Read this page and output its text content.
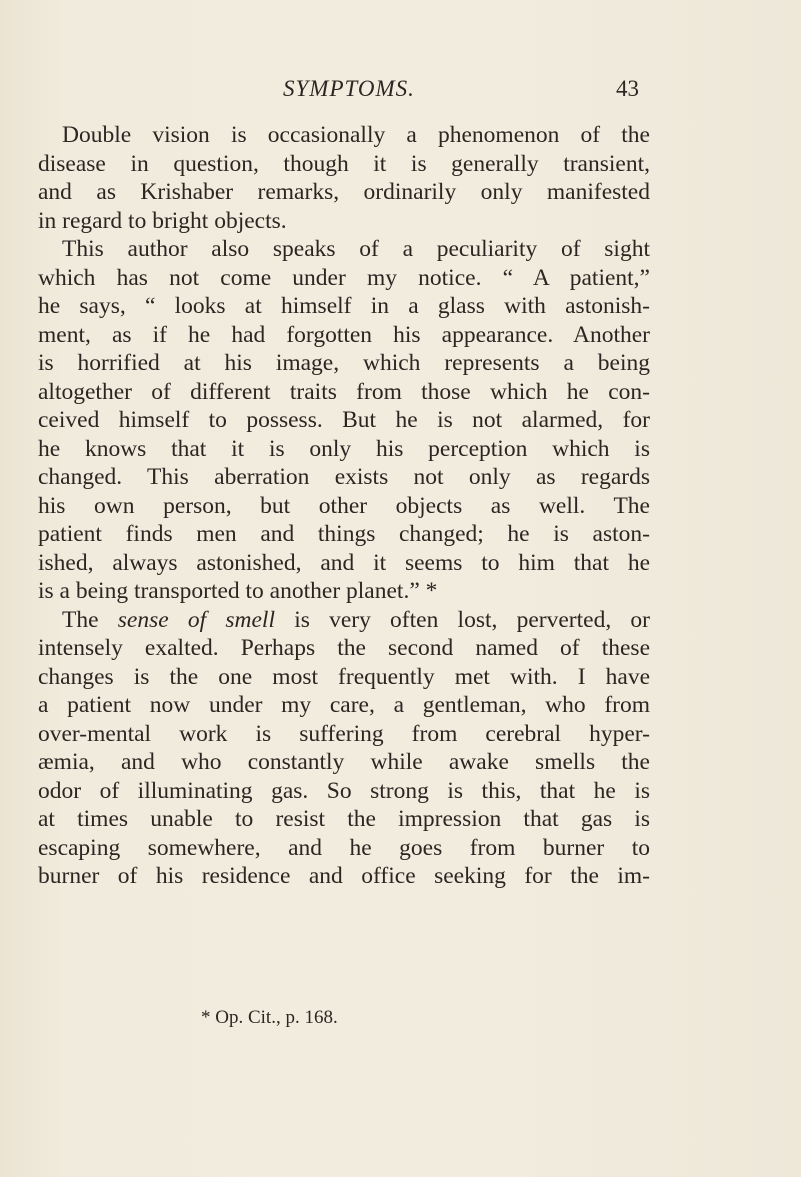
SYMPTOMS.	43
Double vision is occasionally a phenomenon of the
disease in question, though it is generally transient,
and as Krishaber remarks, ordinarily only manifested
in regard to bright objects.
This author also speaks of a peculiarity of sight
which has not come under my notice. “ A patient,”
he says, “ looks at himself in a glass with astonish-
ment, as if he had forgotten his appearance. Another
is horrified at his image, which represents a being
altogether of different traits from those which he con-
ceived himself to possess. But he is not alarmed, for
he knows that it is only his perception which is
changed. This aberration exists not only as regards
his own person, but other objects as well. The
patient finds men and things changed; he is aston-
ished, always astonished, and it seems to him that he
is a being transported to another planet.” *
The sense of smell is very often lost, perverted, or
intensely exalted. Perhaps the second named of these
changes is the one most frequently met with. I have
a patient now under my care, a gentleman, who from
over-mental work is suffering from cerebral hyper-
æmia, and who constantly while awake smells the
odor of illuminating gas. So strong is this, that he is
at times unable to resist the impression that gas is
escaping somewhere, and he goes from burner to
burner of his residence and office seeking for the im-
* Op. Cit., p. 168.
